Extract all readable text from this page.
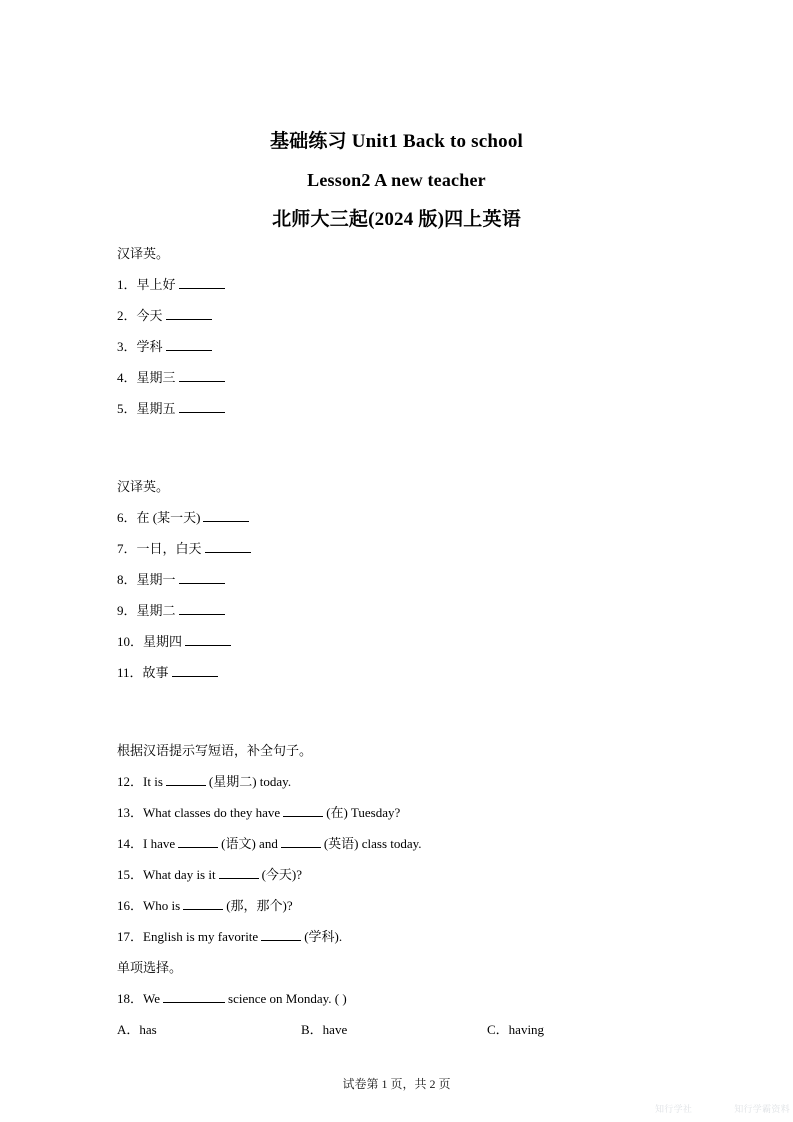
基础练习 Unit1 Back to school
Lesson2 A new teacher
北师大三起(2024 版)四上英语
汉译英。
1．早上好
2．今天
3．学科
4．星期三
5．星期五
汉译英。
6．在 (某一天)
7．一日，白天
8．星期一
9．星期二
10．星期四
11．故事
根据汉语提示写短语，补全句子。
12．It is	(星期二) today.
13．What classes do they have	(在) Tuesday?
14．I have	(语文) and	(英语) class today.
15．What day is it	(今天)?
16．Who is	(那，那个)?
17．English is my favorite	(学科).
单项选择。
18．We	science on Monday. ( )
A．has	B．have	C．having
试卷第 1 页，共 2 页
知行学社	知行学霸资料
